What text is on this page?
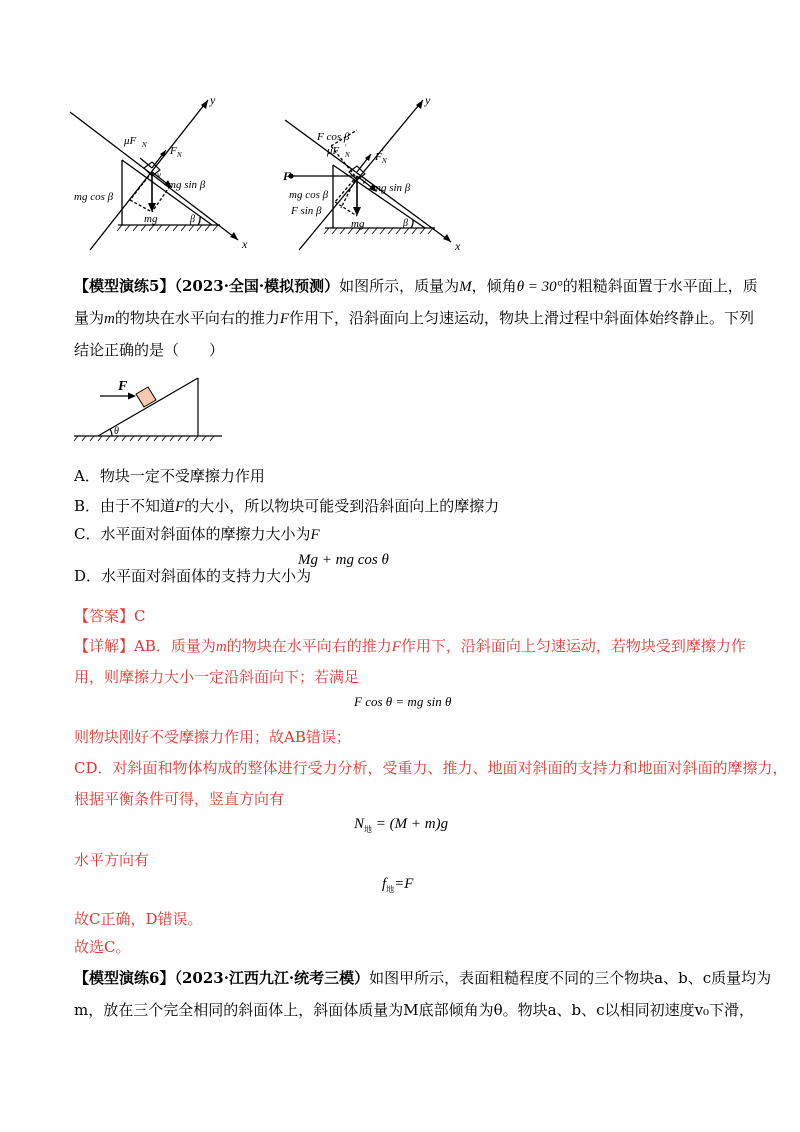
y
x
μF N F N
v
mg sin β
mg cos β
mg	β
y
x
F cos β
μF N
′
F N
′
F	v
mg sin β
mg cos β
F sin β
mg	β
【模型演练5】（2023·全国·模拟预测）如图所示，质量为M，倾角θ = 30°的粗糙斜面置于水平面上，质
量为m的物块在水平向右的推力F作用下，沿斜面向上匀速运动，物块上滑过程中斜面体始终静止。下列
结论正确的是（　　）
F
θ
A．物块一定不受摩擦力作用
B．由于不知道F的大小，所以物块可能受到沿斜面向上的摩擦力
C．水平面对斜面体的摩擦力大小为F
D．水平面对斜面体的支持力大小为
Mg + mg cos θ
【答案】C
【详解】AB．质量为m的物块在水平向右的推力F作用下，沿斜面向上匀速运动，若物块受到摩擦力作
用，则摩擦力大小一定沿斜面向下；若满足
F cos θ = mg sin θ
则物块刚好不受摩擦力作用；故AB错误；
CD．对斜面和物体构成的整体进行受力分析，受重力、推力、地面对斜面的支持力和地面对斜面的摩擦力，
根据平衡条件可得，竖直方向有
$N_地 = (M + m)g$
水平方向有
$f_地=F$
故C正确，D错误。
故选C。
【模型演练6】（2023·江西九江·统考三模）如图甲所示，表面粗糙程度不同的三个物块a、b、c质量均为
m，放在三个完全相同的斜面体上，斜面体质量为M底部倾角为θ。物块a、b、c以相同初速度v₀下滑，
